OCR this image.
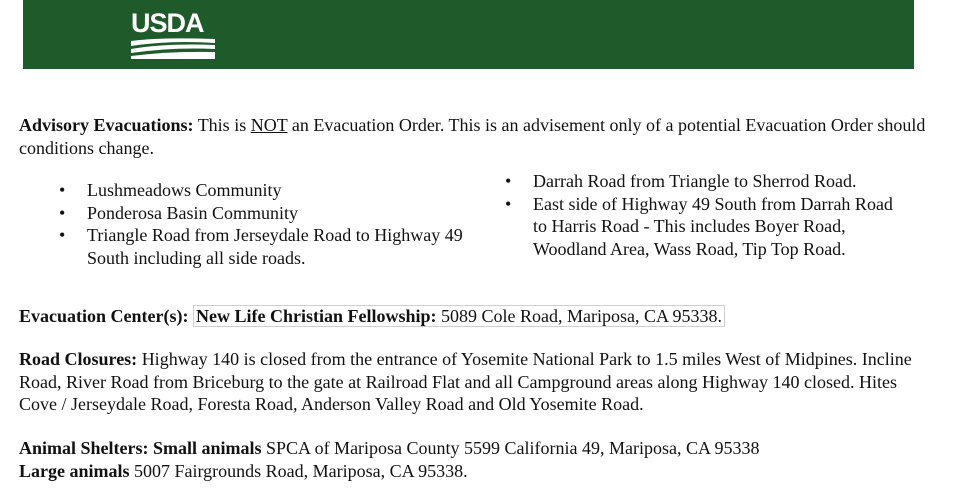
USDA
Advisory Evacuations: This is NOT an Evacuation Order. This is an advisement only of a potential Evacuation Order should conditions change.
• Lushmeadows Community
• Ponderosa Basin Community
• Triangle Road from Jerseydale Road to Highway 49 South including all side roads.
• Darrah Road from Triangle to Sherrod Road.
• East side of Highway 49 South from Darrah Road to Harris Road - This includes Boyer Road, Woodland Area, Wass Road, Tip Top Road.
Evacuation Center(s): New Life Christian Fellowship: 5089 Cole Road, Mariposa, CA 95338.
Road Closures: Highway 140 is closed from the entrance of Yosemite National Park to 1.5 miles West of Midpines. Incline Road, River Road from Briceburg to the gate at Railroad Flat and all Campground areas along Highway 140 closed. Hites Cove / Jerseydale Road, Foresta Road, Anderson Valley Road and Old Yosemite Road.
Animal Shelters: Small animals SPCA of Mariposa County 5599 California 49, Mariposa, CA 95338
Large animals 5007 Fairgrounds Road, Mariposa, CA 95338.
